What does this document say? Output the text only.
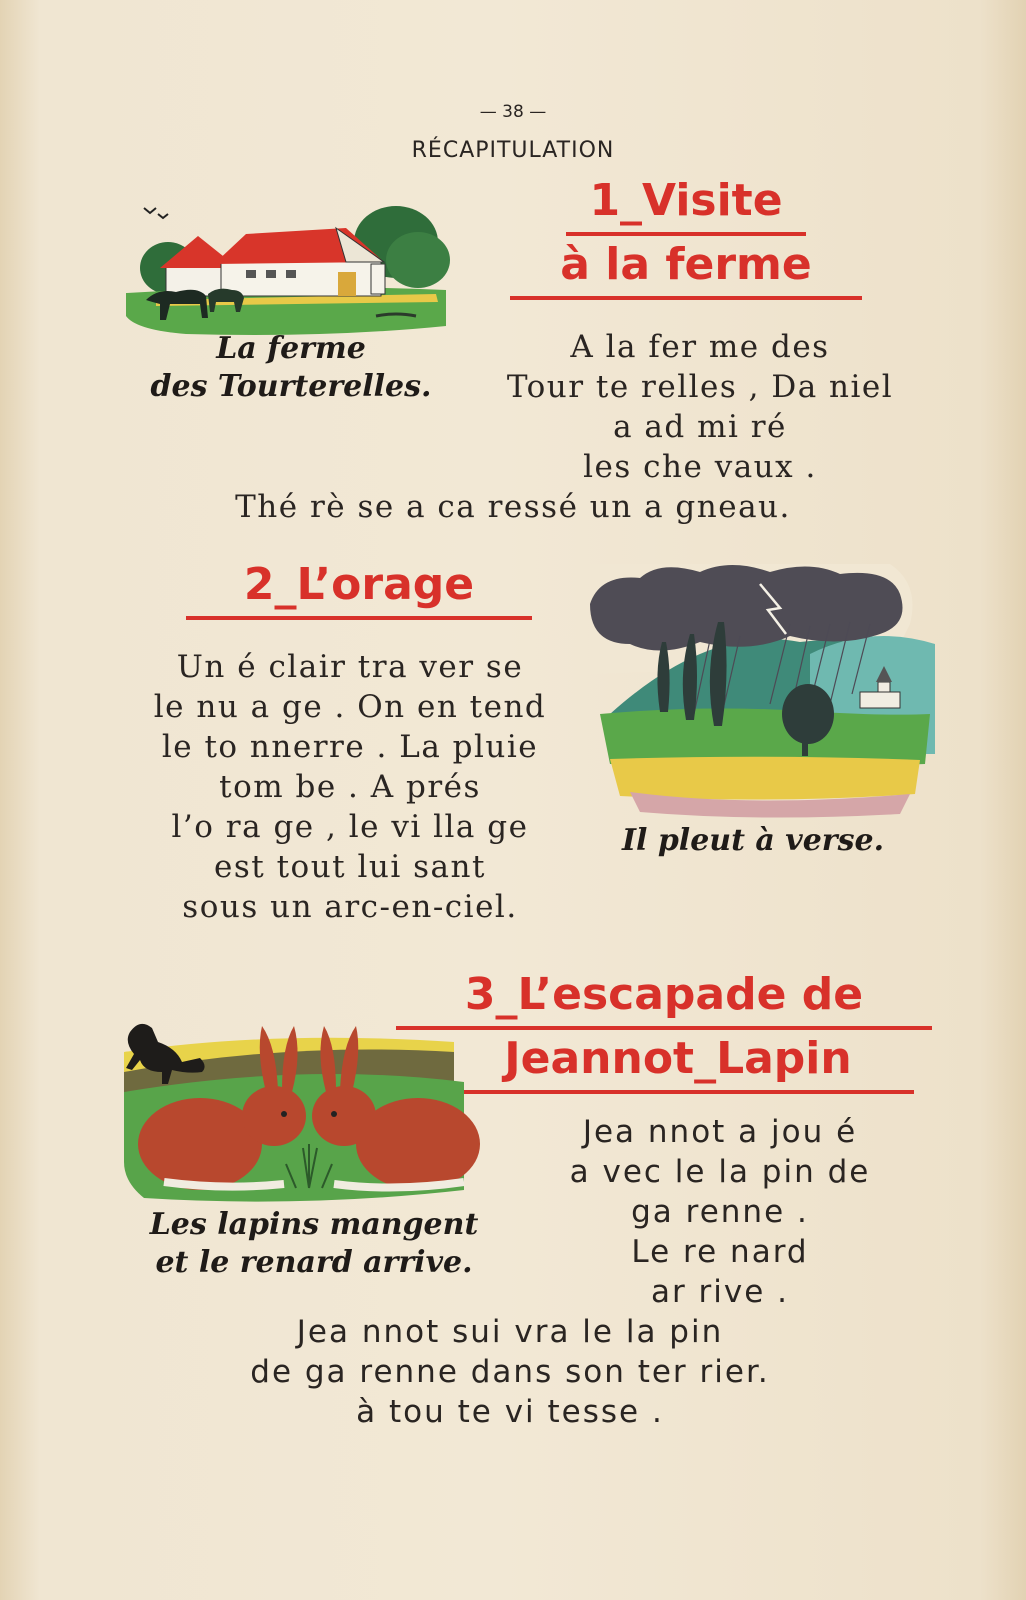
— 38 —
RÉCAPITULATION
La ferme
des Tourterelles.
1_Visite
à la ferme
A la fer me des
Tour te relles , Da niel
a ad mi ré
les che vaux .
Thé rè se a ca ressé un a gneau.
2_L’orage
Un é clair tra ver se
le nu a ge . On en tend
le to nnerre . La pluie
tom be . A prés
l’o ra ge , le vi lla ge
est tout lui sant
sous un arc-en-ciel.
Il pleut à verse.
3_L’escapade de
Jeannot_Lapin
Les lapins mangent
et le renard arrive.
Jea nnot a jou é
a vec le la pin de
ga renne .
Le re nard
ar rive .
Jea nnot sui vra le la pin
de ga renne dans son ter rier.
à tou te vi tesse .
